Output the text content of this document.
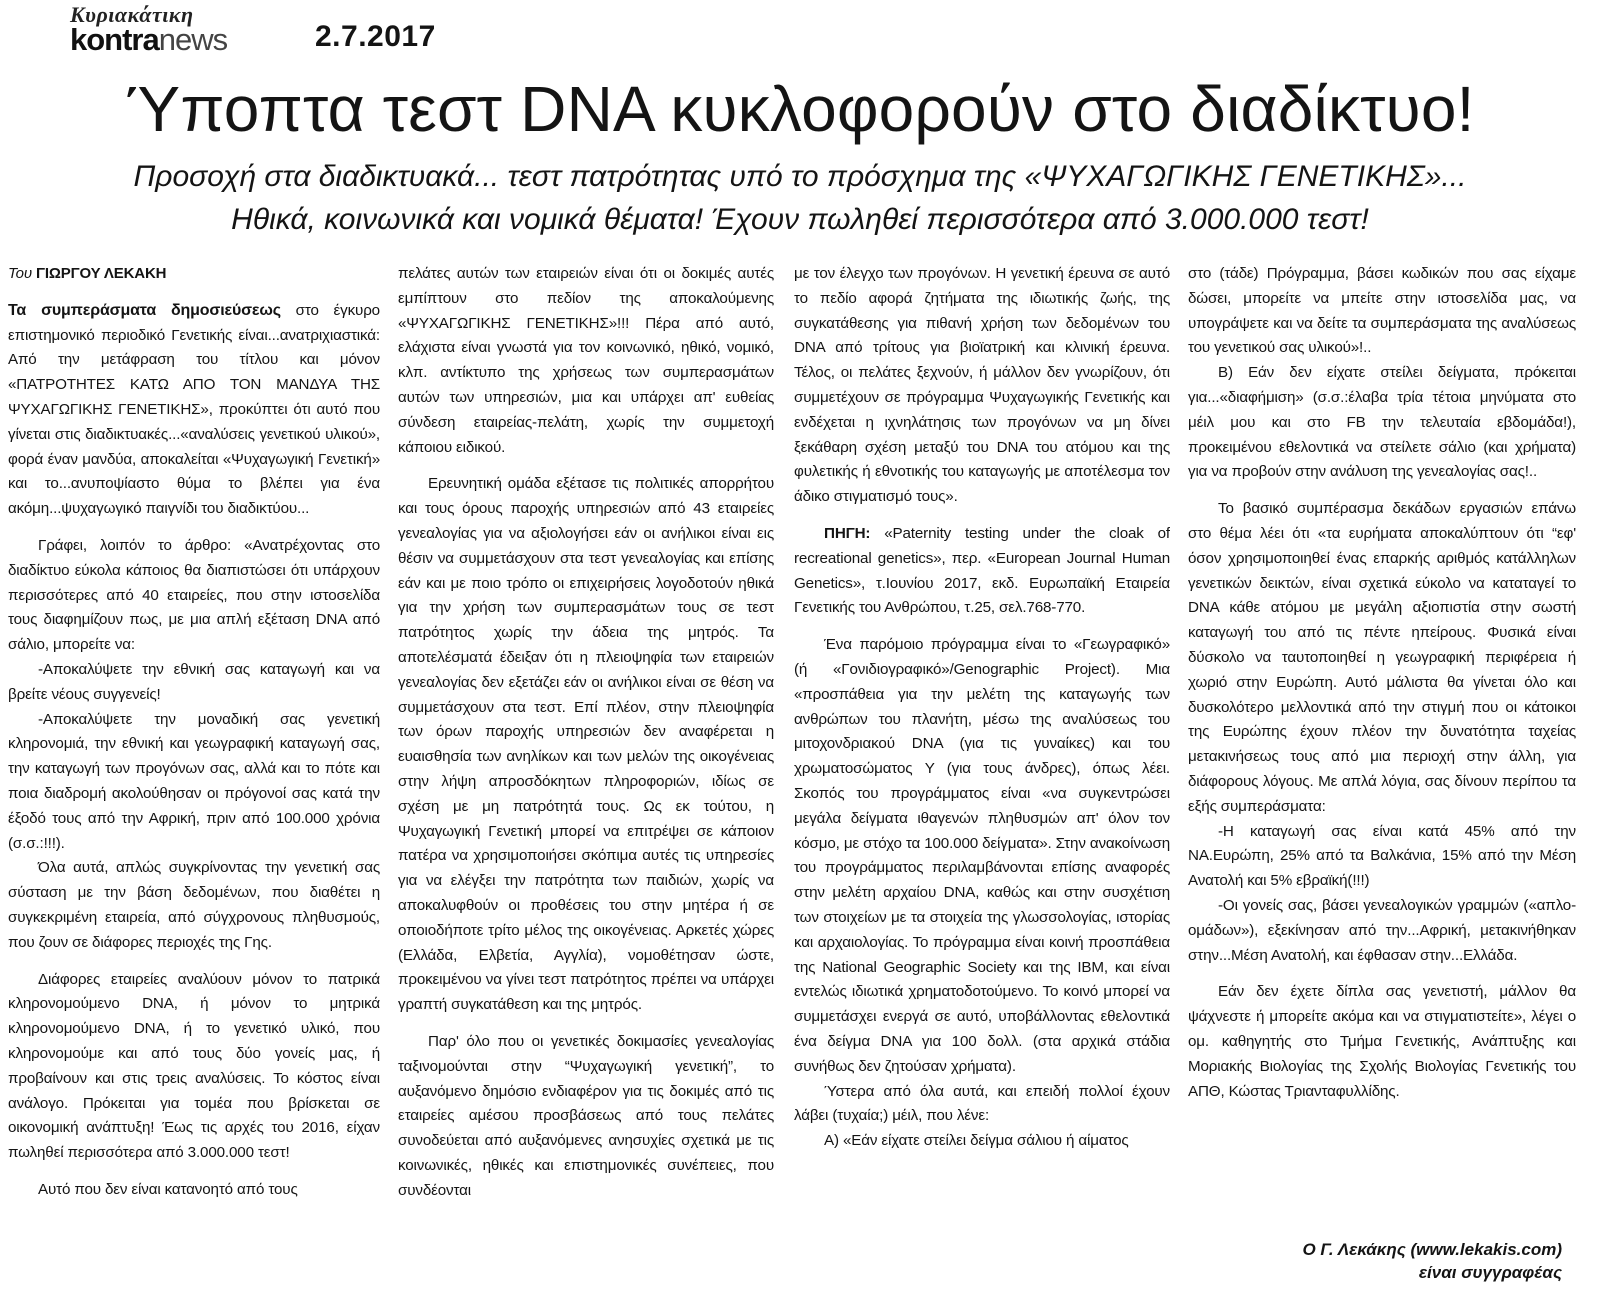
Κυριακάτικη
kontranews	2.7.2017
Ύποπτα τεστ DNA κυκλοφορούν στο διαδίκτυο!
Προσοχή στα διαδικτυακά... τεστ πατρότητας υπό το πρόσχημα της «ΨΥΧΑΓΩΓΙΚΗΣ ΓΕΝΕΤΙΚΗΣ»...
Ηθικά, κοινωνικά και νομικά θέματα! Έχουν πωληθεί περισσότερα από 3.000.000 τεστ!

Του ΓΙΩΡΓΟΥ ΛΕΚΑΚΗ

Τα συμπεράσματα δημοσιεύσεως στο έγκυρο επιστημονικό περιοδικό Γενετικής είναι...ανατριχιαστικά: Από την μετάφραση του τίτλου και μόνον «ΠΑΤΡΟΤΗΤΕΣ ΚΑΤΩ ΑΠΟ ΤΟΝ ΜΑΝΔΥΑ ΤΗΣ ΨΥΧΑΓΩΓΙΚΗΣ ΓΕΝΕΤΙΚΗΣ», προκύπτει ότι αυτό που γίνεται στις διαδικτυακές...«αναλύσεις γενετικού υλικού», φορά έναν μανδύα, αποκαλείται «Ψυχαγωγική Γενετική» και το...ανυποψίαστο θύμα το βλέπει για ένα ακόμη...ψυχαγωγικό παιγνίδι του διαδικτύου...

Γράφει, λοιπόν το άρθρο: «Ανατρέχοντας στο διαδίκτυο εύκολα κάποιος θα διαπιστώσει ότι υπάρχουν περισσότερες από 40 εταιρείες, που στην ιστοσελίδα τους διαφημίζουν πως, με μια απλή εξέταση DNA από σάλιο, μπορείτε να:

-Αποκαλύψετε την εθνική σας καταγωγή και να βρείτε νέους συγγενείς!

-Αποκαλύψετε την μοναδική σας γενετική κληρονομιά, την εθνική και γεωγραφική καταγωγή σας, την καταγωγή των προγόνων σας, αλλά και το πότε και ποια διαδρομή ακολούθησαν οι πρόγονοί σας κατά την έξοδό τους από την Αφρική, πριν από 100.000 χρόνια (σ.σ.:!!!).

Όλα αυτά, απλώς συγκρίνοντας την γενετική σας σύσταση με την βάση δεδομένων, που διαθέτει η συγκεκριμένη εταιρεία, από σύγχρονους πληθυσμούς, που ζουν σε διάφορες περιοχές της Γης.

Διάφορες εταιρείες αναλύουν μόνον το πατρικά κληρονομούμενο DNA, ή μόνον το μητρικά κληρονομούμενο DNA, ή το γενετικό υλικό, που κληρονομούμε και από τους δύο γονείς μας, ή προβαίνουν και στις τρεις αναλύσεις. Το κόστος είναι ανάλογο. Πρόκειται για τομέα που βρίσκεται σε οικονομική ανάπτυξη! Έως τις αρχές του 2016, είχαν πωληθεί περισσότερα από 3.000.000 τεστ!

Αυτό που δεν είναι κατανοητό από τους

πελάτες αυτών των εταιρειών είναι ότι οι δοκιμές αυτές εμπίπτουν στο πεδίον της αποκαλούμενης «ΨΥΧΑΓΩΓΙΚΗΣ ΓΕΝΕΤΙΚΗΣ»!!! Πέρα από αυτό, ελάχιστα είναι γνωστά για τον κοινωνικό, ηθικό, νομικό, κλπ. αντίκτυπο της χρήσεως των συμπερασμάτων αυτών των υπηρεσιών, μια και υπάρχει απ' ευθείας σύνδεση εταιρείας-πελάτη, χωρίς την συμμετοχή κάποιου ειδικού.

Ερευνητική ομάδα εξέτασε τις πολιτικές απορρήτου και τους όρους παροχής υπηρεσιών από 43 εταιρείες γενεαλογίας για να αξιολογήσει εάν οι ανήλικοι είναι εις θέσιν να συμμετάσχουν στα τεστ γενεαλογίας και επίσης εάν και με ποιο τρόπο οι επιχειρήσεις λογοδοτούν ηθικά για την χρήση των συμπερασμάτων τους σε τεστ πατρότητος χωρίς την άδεια της μητρός. Τα αποτελέσματά έδειξαν ότι η πλειοψηφία των εταιρειών γενεαλογίας δεν εξετάζει εάν οι ανήλικοι είναι σε θέση να συμμετάσχουν στα τεστ. Επί πλέον, στην πλειοψηφία των όρων παροχής υπηρεσιών δεν αναφέρεται η ευαισθησία των ανηλίκων και των μελών της οικογένειας στην λήψη απροσδόκητων πληροφοριών, ιδίως σε σχέση με μη πατρότητά τους. Ως εκ τούτου, η Ψυχαγωγική Γενετική μπορεί να επιτρέψει σε κάποιον πατέρα να χρησιμοποιήσει σκόπιμα αυτές τις υπηρεσίες για να ελέγξει την πατρότητα των παιδιών, χωρίς να αποκαλυφθούν οι προθέσεις του στην μητέρα ή σε οποιοδήποτε τρίτο μέλος της οικογένειας. Αρκετές χώρες (Ελλάδα, Ελβετία, Αγγλία), νομοθέτησαν ώστε, προκειμένου να γίνει τεστ πατρότητος πρέπει να υπάρχει γραπτή συγκατάθεση και της μητρός.

Παρ' όλο που οι γενετικές δοκιμασίες γενεαλογίας ταξινομούνται στην “Ψυχαγωγική γενετική”, το αυξανόμενο δημόσιο ενδιαφέρον για τις δοκιμές από τις εταιρείες αμέσου προσβάσεως από τους πελάτες συνοδεύεται από αυξανόμενες ανησυχίες σχετικά με τις κοινωνικές, ηθικές και επιστημονικές συνέπειες, που συνδέονται

με τον έλεγχο των προγόνων. Η γενετική έρευνα σε αυτό το πεδίο αφορά ζητήματα της ιδιωτικής ζωής, της συγκατάθεσης για πιθανή χρήση των δεδομένων του DNA από τρίτους για βιοϊατρική και κλινική έρευνα. Τέλος, οι πελάτες ξεχνούν, ή μάλλον δεν γνωρίζουν, ότι συμμετέχουν σε πρόγραμμα Ψυχαγωγικής Γενετικής και ενδέχεται η ιχνηλάτησις των προγόνων να μη δίνει ξεκάθαρη σχέση μεταξύ του DNA του ατόμου και της φυλετικής ή εθνοτικής του καταγωγής με αποτέλεσμα τον άδικο στιγματισμό τους».

ΠΗΓΗ: «Paternity testing under the cloak of recreational genetics», περ. «European Journal Human Genetics», τ.Ιουνίου 2017, εκδ. Ευρωπαϊκή Εταιρεία Γενετικής του Ανθρώπου, τ.25, σελ.768-770.

Ένα παρόμοιο πρόγραμμα είναι το «Γεωγραφικό» (ή «Γονιδιογραφικό»/Genographic Project). Μια «προσπάθεια για την μελέτη της καταγωγής των ανθρώπων του πλανήτη, μέσω της αναλύσεως του μιτοχονδριακού DNA (για τις γυναίκες) και του χρωματοσώματος Y (για τους άνδρες), όπως λέει. Σκοπός του προγράμματος είναι «να συγκεντρώσει μεγάλα δείγματα ιθαγενών πληθυσμών απ' όλον τον κόσμο, με στόχο τα 100.000 δείγματα». Στην ανακοίνωση του προγράμματος περιλαμβάνονται επίσης αναφορές στην μελέτη αρχαίου DNA, καθώς και στην συσχέτιση των στοιχείων με τα στοιχεία της γλωσσολογίας, ιστορίας και αρχαιολογίας. Το πρόγραμμα είναι κοινή προσπάθεια της National Geographic Society και της IBM, και είναι εντελώς ιδιωτικά χρηματοδοτούμενο. Το κοινό μπορεί να συμμετάσχει ενεργά σε αυτό, υποβάλλοντας εθελοντικά ένα δείγμα DNA για 100 δολλ. (στα αρχικά στάδια συνήθως δεν ζητούσαν χρήματα).

Ύστερα από όλα αυτά, και επειδή πολλοί έχουν λάβει (τυχαία;) μέιλ, που λένε:

Α) «Εάν είχατε στείλει δείγμα σάλιου ή αίματος

στο (τάδε) Πρόγραμμα, βάσει κωδικών που σας είχαμε δώσει, μπορείτε να μπείτε στην ιστοσελίδα μας, να υπογράψετε και να δείτε τα συμπεράσματα της αναλύσεως του γενετικού σας υλικού»!..

Β) Εάν δεν είχατε στείλει δείγματα, πρόκειται για...«διαφήμιση» (σ.σ.:έλαβα τρία τέτοια μηνύματα στο μέιλ μου και στο FB την τελευταία εβδομάδα!), προκειμένου εθελοντικά να στείλετε σάλιο (και χρήματα) για να προβούν στην ανάλυση της γενεαλογίας σας!..

Το βασικό συμπέρασμα δεκάδων εργασιών επάνω στο θέμα λέει ότι «τα ευρήματα αποκαλύπτουν ότι “εφ' όσον χρησιμοποιηθεί ένας επαρκής αριθμός κατάλληλων γενετικών δεικτών, είναι σχετικά εύκολο να καταταγεί το DNA κάθε ατόμου με μεγάλη αξιοπιστία στην σωστή καταγωγή του από τις πέντε ηπείρους. Φυσικά είναι δύσκολο να ταυτοποιηθεί η γεωγραφική περιφέρεια ή χωριό στην Ευρώπη. Αυτό μάλιστα θα γίνεται όλο και δυσκολότερο μελλοντικά από την στιγμή που οι κάτοικοι της Ευρώπης έχουν πλέον την δυνατότητα ταχείας μετακινήσεως τους από μια περιοχή στην άλλη, για διάφορους λόγους. Με απλά λόγια, σας δίνουν περίπου τα εξής συμπεράσματα:

-Η καταγωγή σας είναι κατά 45% από την ΝΑ.Ευρώπη, 25% από τα Βαλκάνια, 15% από την Μέση Ανατολή και 5% εβραϊκή(!!!)

-Οι γονείς σας, βάσει γενεαλογικών γραμμών («απλο-ομάδων»), εξεκίνησαν από την...Αφρική, μετακινήθηκαν στην...Μέση Ανατολή, και έφθασαν στην...Ελλάδα.

Εάν δεν έχετε δίπλα σας γενετιστή, μάλλον θα ψάχνεστε ή μπορείτε ακόμα και να στιγματιστείτε», λέγει ο ομ. καθηγητής στο Τμήμα Γενετικής, Ανάπτυξης και Μοριακής Βιολογίας της Σχολής Βιολογίας Γενετικής του ΑΠΘ, Κώστας Τριανταφυλλίδης.

Ο Γ. Λεκάκης (www.lekakis.com)
είναι συγγραφέας
